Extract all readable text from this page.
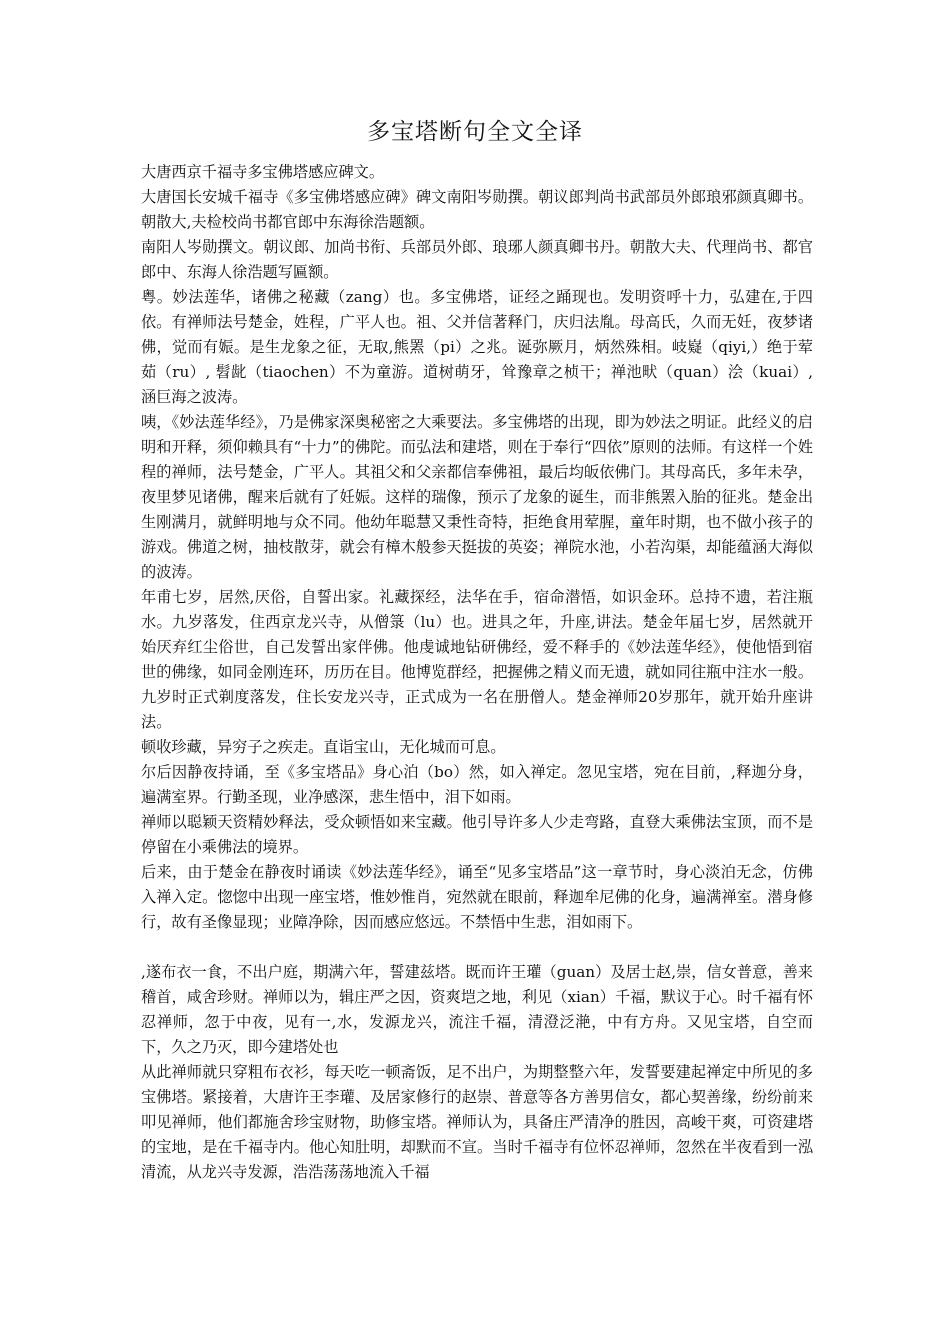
多宝塔断句全文全译

大唐西京千福寺多宝佛塔感应碑文。

大唐国长安城千福寺《多宝佛塔感应碑》碑文南阳岑勋撰。朝议郎判尚书武部员外郎琅邪颜真卿书。朝散大,夫检校尚书都官郎中东海徐浩题额。

南阳人岑勋撰文。朝议郎、加尚书衔、兵部员外郎、琅琊人颜真卿书丹。朝散大夫、代理尚书、都官郎中、东海人徐浩题写匾额。

粤。妙法莲华，诸佛之秘藏（zang）也。多宝佛塔，证经之踊现也。发明资呼十力，弘建在,于四依。有禅师法号楚金，姓程，广平人也。祖、父并信著释门，庆归法胤。母高氏，久而无妊，夜梦诸佛，觉而有娠。是生龙象之征，无取,熊罴（pi）之兆。诞弥厥月，炳然殊相。岐嶷（qiyi,）绝于荤茹（ru）, 髫龀（tiaochen）不为童游。道树萌牙，耸豫章之桢干；禅池畎（quan）浍（kuai）, 涵巨海之波涛。

咦，《妙法莲华经》，乃是佛家深奥秘密之大乘要法。多宝佛塔的出现，即为妙法之明证。此经义的启明和开释，须仰赖具有“十力”的佛陀。而弘法和建塔，则在于奉行“四依”原则的法师。有这样一个姓程的禅师，法号楚金，广平人。其祖父和父亲都信奉佛祖，最后均皈依佛门。其母高氏，多年未孕，夜里梦见诸佛，醒来后就有了妊娠。这样的瑞像，预示了龙象的诞生，而非熊罴入胎的征兆。楚金出生刚满月，就鲜明地与众不同。他幼年聪慧又秉性奇特，拒绝食用荤腥，童年时期，也不做小孩子的游戏。佛道之树，抽枝散芽，就会有樟木般参天挺拔的英姿；禅院水池，小若沟渠，却能蕴涵大海似的波涛。

年甫七岁，居然,厌俗，自誓出家。礼藏探经，法华在手，宿命潜悟，如识金环。总持不遗，若注瓶水。九岁落发，住西京龙兴寺，从僧箓（lu）也。进具之年，升座,讲法。楚金年届七岁，居然就开始厌弃红尘俗世，自己发誓出家伴佛。他虔诚地钻研佛经，爱不释手的《妙法莲华经》，使他悟到宿世的佛缘，如同金刚连环，历历在目。他博览群经，把握佛之精义而无遗，就如同往瓶中注水一般。九岁时正式剃度落发，住长安龙兴寺，正式成为一名在册僧人。楚金禅师20岁那年，就开始升座讲法。

顿收珍藏，异穷子之疾走。直诣宝山，无化城而可息。

尔后因静夜持诵，至《多宝塔品》身心泊（bo）然，如入禅定。忽见宝塔，宛在目前，,释迦分身，遍满室界。行勤圣现，业净感深，悲生悟中，泪下如雨。

禅师以聪颖天资精妙释法，受众顿悟如来宝藏。他引导许多人少走弯路，直登大乘佛法宝顶，而不是停留在小乘佛法的境界。

后来，由于楚金在静夜时诵读《妙法莲华经》，诵至“见多宝塔品”这一章节时，身心淡泊无念，仿佛入禅入定。惚惚中出现一座宝塔，惟妙惟肖，宛然就在眼前，释迦牟尼佛的化身，遍满禅室。潜身修行，故有圣像显现；业障净除，因而感应悠远。不禁悟中生悲，泪如雨下。

,遂布衣一食，不出户庭，期满六年，誓建兹塔。既而许王瓘（guan）及居士赵,崇，信女普意，善来稽首，咸舍珍财。禅师以为，辑庄严之因，资爽垲之地，利见（xian）千福，默议于心。时千福有怀忍禅师，忽于中夜，见有一,水，发源龙兴，流注千福，清澄泛滟，中有方舟。又见宝塔，自空而下，久之乃灭，即今建塔处也

从此禅师就只穿粗布衣衫，每天吃一顿斋饭，足不出户，为期整整六年，发誓要建起禅定中所见的多宝佛塔。紧接着，大唐许王李瓘、及居家修行的赵崇、普意等各方善男信女，都心契善缘，纷纷前来叩见禅师，他们都施舍珍宝财物，助修宝塔。禅师认为，具备庄严清净的胜因，高峻干爽，可资建塔的宝地，是在千福寺内。他心知肚明，却默而不宣。当时千福寺有位怀忍禅师，忽然在半夜看到一泓清流，从龙兴寺发源，浩浩荡荡地流入千福
